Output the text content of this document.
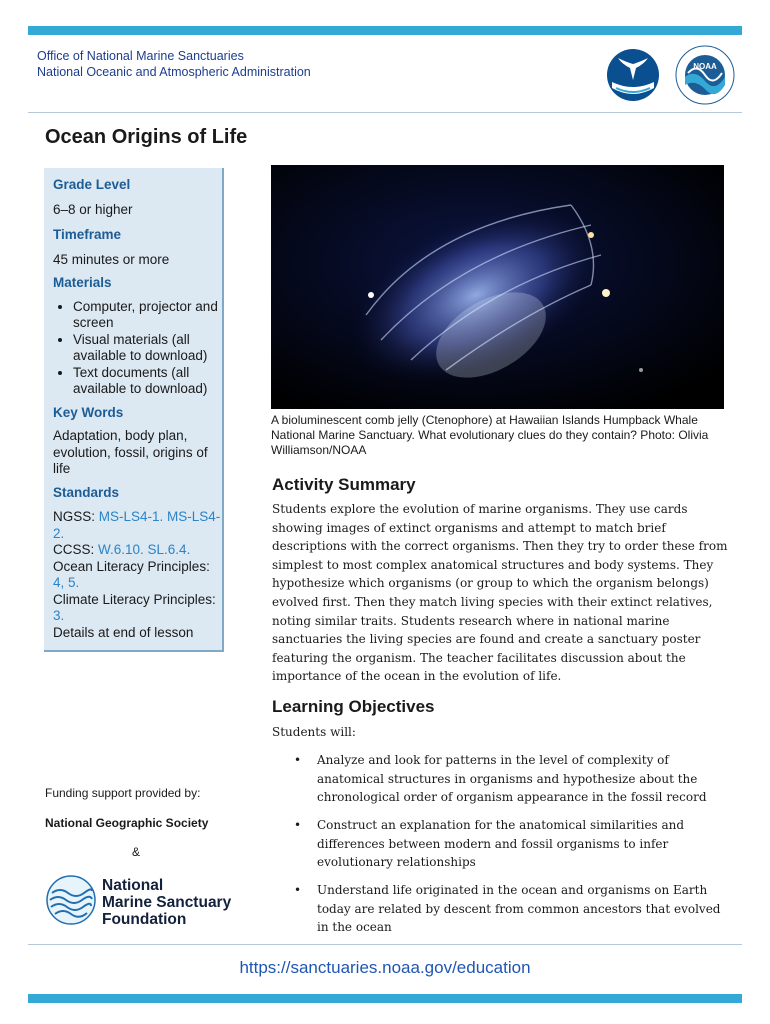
Office of National Marine Sanctuaries
National Oceanic and Atmospheric Administration	NOAA
Ocean Origins of Life
Grade Level
6–8 or higher
Timeframe
45 minutes or more
Materials
• Computer, projector and screen
• Visual materials (all available to download)
• Text documents (all available to download)
Key Words
Adaptation, body plan, evolution, fossil, origins of life
Standards
NGSS: MS-LS4-1. MS-LS4-2.
CCSS: W.6.10. SL.6.4.
Ocean Literacy Principles:
4, 5.
Climate Literacy Principles:
3.
Details at end of lesson
A bioluminescent comb jelly (Ctenophore) at Hawaiian Islands Humpback Whale National Marine Sanctuary. What evolutionary clues do they contain? Photo: Olivia Williamson/NOAA
Activity Summary
Students explore the evolution of marine organisms. They use cards showing images of extinct organisms and attempt to match brief descriptions with the correct organisms. Then they try to order these from simplest to most complex anatomical structures and body systems. They hypothesize which organisms (or group to which the organism belongs) evolved first. Then they match living species with their extinct relatives, noting similar traits. Students research where in national marine sanctuaries the living species are found and create a sanctuary poster featuring the organism. The teacher facilitates discussion about the importance of the ocean in the evolution of life.
Learning Objectives
Students will:
• Analyze and look for patterns in the level of complexity of anatomical structures in organisms and hypothesize about the chronological order of organism appearance in the fossil record
• Construct an explanation for the anatomical similarities and differences between modern and fossil organisms to infer evolutionary relationships
• Understand life originated in the ocean and organisms on Earth today are related by descent from common ancestors that evolved in the ocean
Funding support provided by:
National Geographic Society
&
National
Marine Sanctuary
Foundation
https://sanctuaries.noaa.gov/education
